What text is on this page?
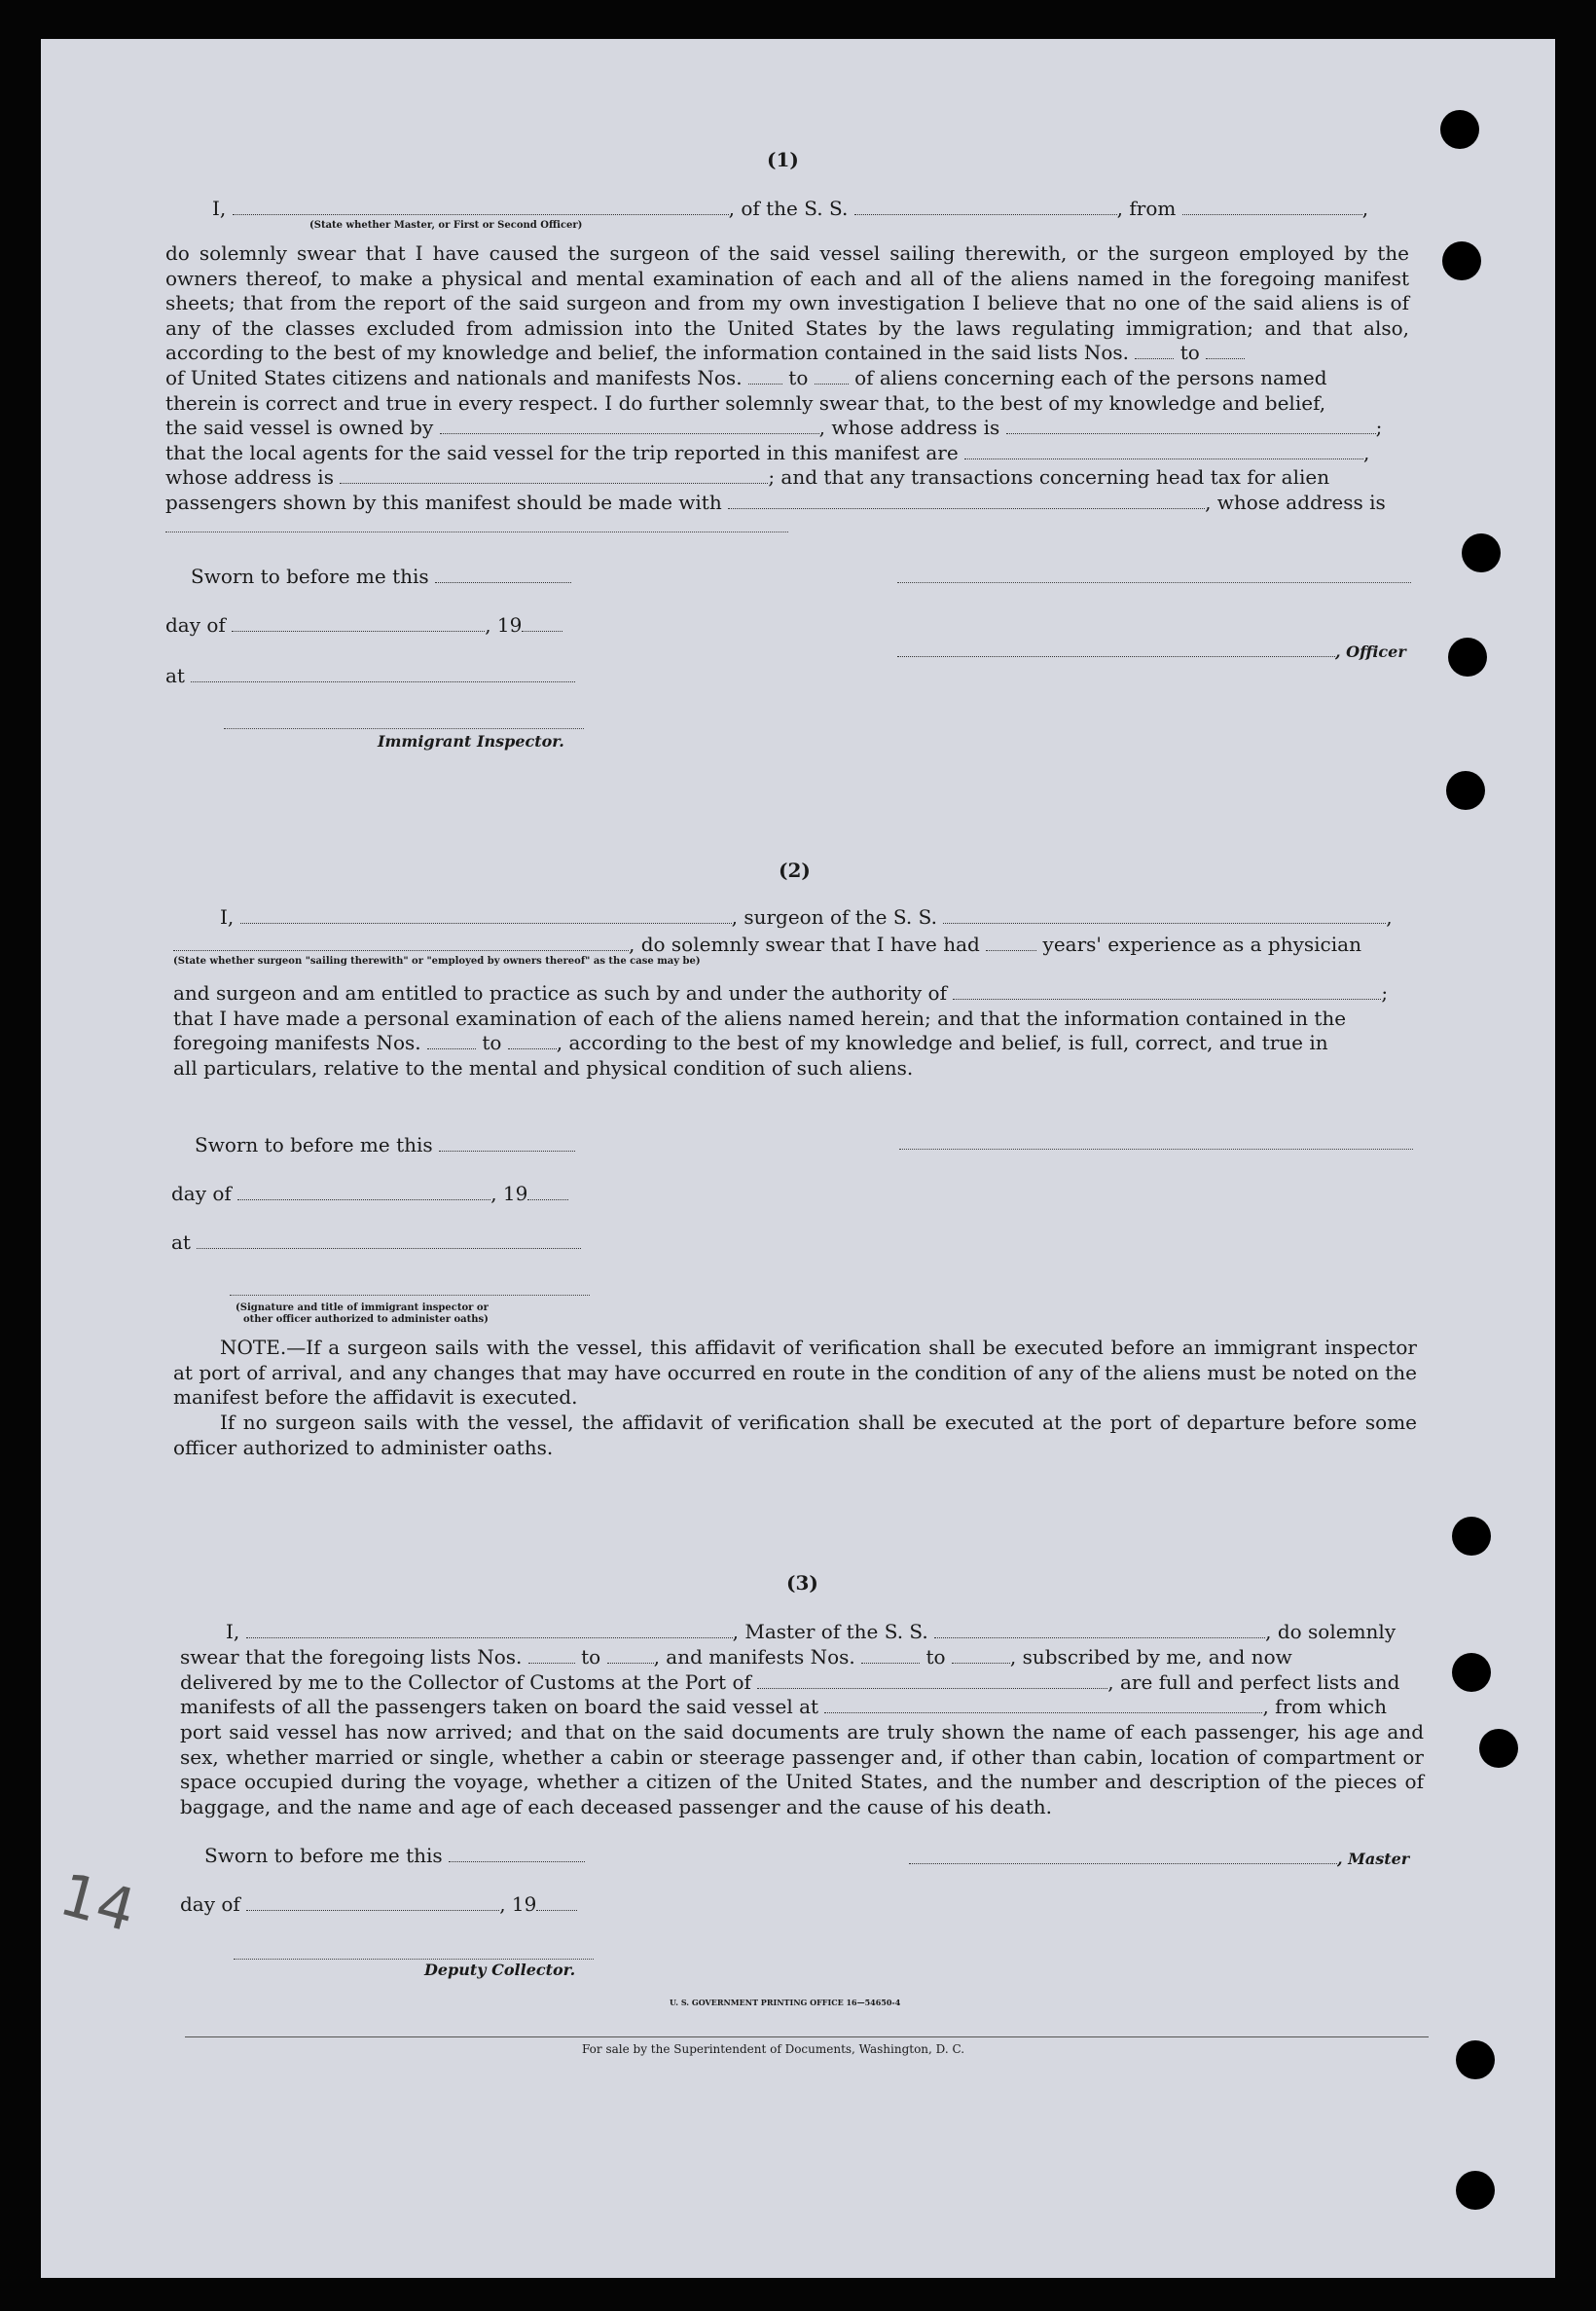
14
(1)
I,	, of the S. S.	, from	,
(State whether Master, or First or Second Officer)
do solemnly swear that I have caused the surgeon of the said vessel sailing therewith, or the surgeon employed by the owners thereof, to make a physical and mental examination of each and all of the aliens named in the foregoing manifest sheets; that from the report of the said surgeon and from my own investigation I believe that no one of the said aliens is of any of the classes excluded from admission into the United States by the laws regulating immigration; and that also, according to the best of my knowledge and belief, the information contained in the said lists Nos.	to
of United States citizens and nationals and manifests Nos. to of aliens concerning each of the persons named
therein is correct and true in every respect. I do further solemnly swear that, to the best of my knowledge and belief,
the said vessel is owned by	, whose address is	;
that the local agents for the said vessel for the trip reported in this manifest are	,
whose address is	; and that any transactions concerning head tax for alien
passengers shown by this manifest should be made with	, whose address is
Sworn to before me this
day of	, 19
, Officer
at
Immigrant Inspector.
(2)
I,	, surgeon of the S. S.	,
, do solemnly swear that I have had	years' experience as a physician
(State whether surgeon "sailing therewith" or "employed by owners thereof" as the case may be)
and surgeon and am entitled to practice as such by and under the authority of	;
that I have made a personal examination of each of the aliens named herein; and that the information contained in the
foregoing manifests Nos.	to	, according to the best of my knowledge and belief, is full, correct, and true in
all particulars, relative to the mental and physical condition of such aliens.
Sworn to before me this
day of	, 19
at
(Signature and title of immigrant inspector or
other officer authorized to administer oaths)
NOTE.—If a surgeon sails with the vessel, this affidavit of verification shall be executed before an immigrant inspector at port of arrival, and any changes that may have occurred en route in the condition of any of the aliens must be noted on the manifest before the affidavit is executed.
If no surgeon sails with the vessel, the affidavit of verification shall be executed at the port of departure before some officer authorized to administer oaths.
(3)
I,	, Master of the S. S.	, do solemnly
swear that the foregoing lists Nos.	to	, and manifests Nos.	to	, subscribed by me, and now
delivered by me to the Collector of Customs at the Port of	, are full and perfect lists and
manifests of all the passengers taken on board the said vessel at	, from which
port said vessel has now arrived; and that on the said documents are truly shown the name of each passenger, his age and sex, whether married or single, whether a cabin or steerage passenger and, if other than cabin, location of compartment or space occupied during the voyage, whether a citizen of the United States, and the number and description of the pieces of baggage, and the name and age of each deceased passenger and the cause of his death.
Sworn to before me this	, Master
day of	, 19
Deputy Collector.
U. S. GOVERNMENT PRINTING OFFICE 16—54650-4
For sale by the Superintendent of Documents, Washington, D. C.
